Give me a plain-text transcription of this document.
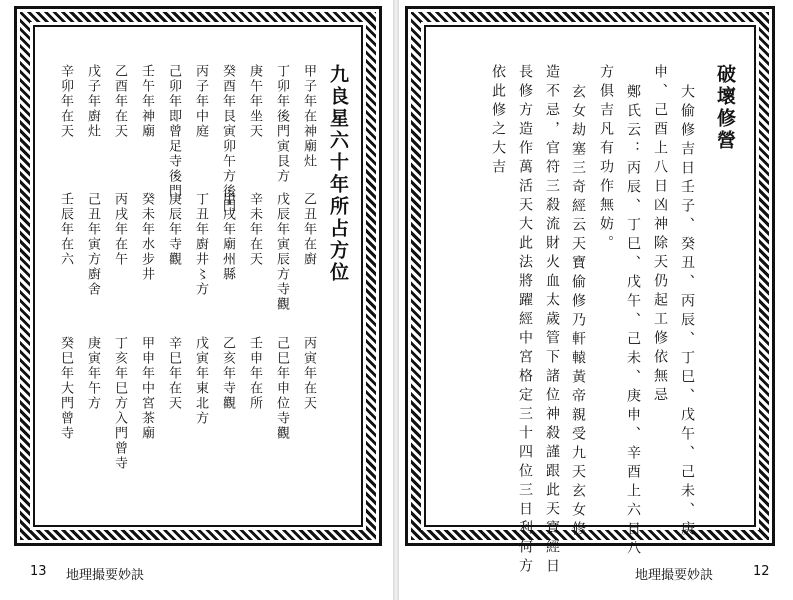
九良星六十年所占方位
甲子年在神廟灶
乙丑年在廚
丙寅年在天
丁卯年後門寅艮方
戊辰年寅辰方寺觀
己巳年申位寺觀
庚午年坐天
辛未年在天
壬申年在所
癸酉年艮寅卯午方後門
甲戌年廟州縣
乙亥年寺觀
丙子年中庭
丁丑年廚井〻方
戊寅年東北方
己卯年即曾足寺後門
庚辰年寺觀
辛巳年在天
壬午年神廟
癸未年水步井
甲申年中宮茶廟
乙酉年在天
丙戌年在午
丁亥年巳方入門曾寺
戊子年廚灶
己丑年寅方廚舍
庚寅年午方
辛卯年在天
壬辰年在六
癸巳年大門曾寺
13 地理撮要妙訣
破壞修營
大偷修吉日壬子、癸丑、丙辰、丁巳、戊午、己未、庚
申、己酉上八日凶神除天仍起工修依無忌
鄭氏云：丙辰、丁巳、戊午、己未、庚申、辛酉上六日八
方俱吉凡有功作無妨。
玄女劫塞三奇經云天寶偷修乃軒轅黃帝親受九天玄女修
造不忌，官符三殺流財火血太歲管下諸位神殺謹跟此天寶經日
長修方造作萬活天大此法將躍經中宮格定三十四位三日利何方
依此修之大吉
地理撮要妙訣	12
